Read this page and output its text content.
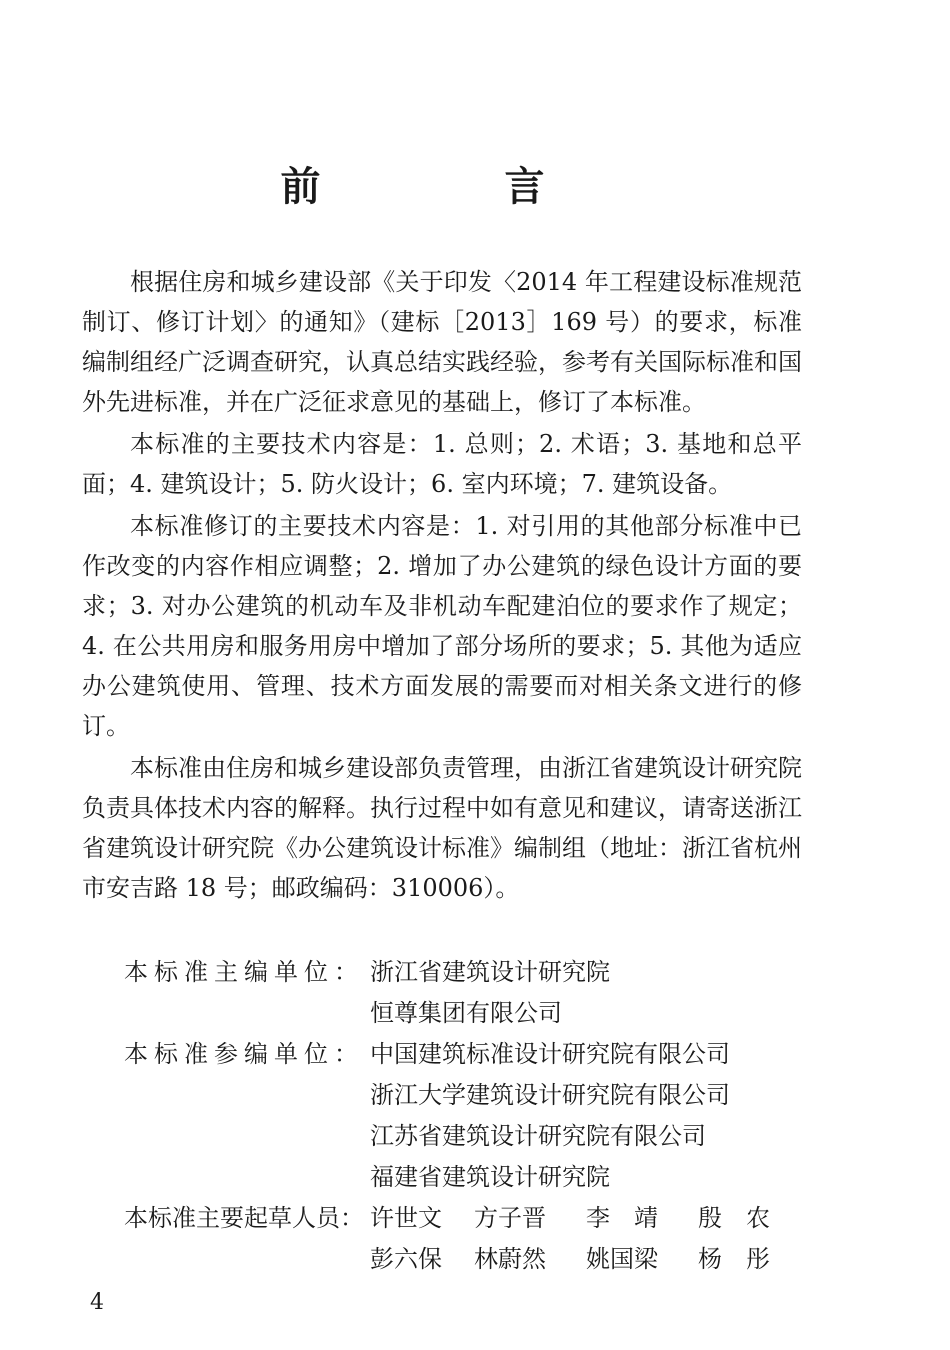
前　言

根据住房和城乡建设部《关于印发〈2014 年工程建设标准规范制订、修订计划〉的通知》（建标［2013］169 号）的要求，标准编制组经广泛调查研究，认真总结实践经验，参考有关国际标准和国外先进标准，并在广泛征求意见的基础上，修订了本标准。

本标准的主要技术内容是：1. 总则；2. 术语；3. 基地和总平面；4. 建筑设计；5. 防火设计；6. 室内环境；7. 建筑设备。

本标准修订的主要技术内容是：1. 对引用的其他部分标准中已作改变的内容作相应调整；2. 增加了办公建筑的绿色设计方面的要求；3. 对办公建筑的机动车及非机动车配建泊位的要求作了规定；4. 在公共用房和服务用房中增加了部分场所的要求；5. 其他为适应办公建筑使用、管理、技术方面发展的需要而对相关条文进行的修订。

本标准由住房和城乡建设部负责管理，由浙江省建筑设计研究院负责具体技术内容的解释。执行过程中如有意见和建议，请寄送浙江省建筑设计研究院《办公建筑设计标准》编制组（地址：浙江省杭州市安吉路 18 号；邮政编码：310006）。

本标准主编单位： 浙江省建筑设计研究院
恒尊集团有限公司
本标准参编单位： 中国建筑标准设计研究院有限公司
浙江大学建筑设计研究院有限公司
江苏省建筑设计研究院有限公司
福建省建筑设计研究院
本标准主要起草人员： 许世文	方子晋	李靖 殷农
彭六保	林蔚然	姚国梁	杨彤
4
